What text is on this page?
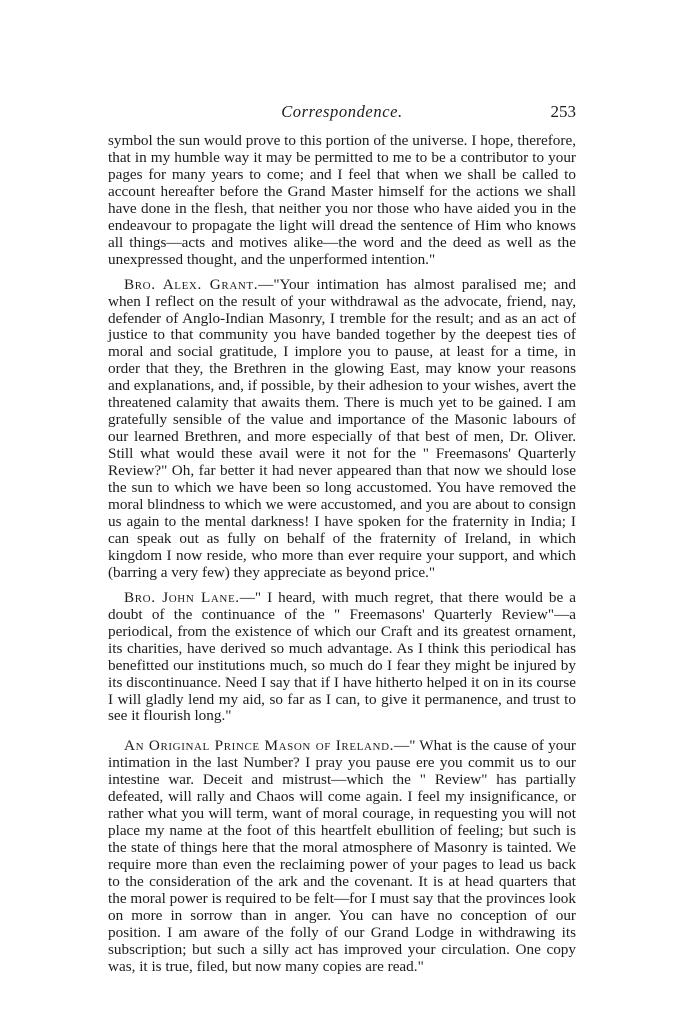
Correspondence.	253

symbol the sun would prove to this portion of the universe. I hope, therefore, that in my humble way it may be permitted to me to be a contributor to your pages for many years to come; and I feel that when we shall be called to account hereafter before the Grand Master himself for the actions we shall have done in the flesh, that neither you nor those who have aided you in the endeavour to propagate the light will dread the sentence of Him who knows all things—acts and motives alike—the word and the deed as well as the unexpressed thought, and the unperformed intention."

Bro. Alex. Grant.—"Your intimation has almost paralised me; and when I reflect on the result of your withdrawal as the advocate, friend, nay, defender of Anglo-Indian Masonry, I tremble for the result; and as an act of justice to that community you have banded together by the deepest ties of moral and social gratitude, I implore you to pause, at least for a time, in order that they, the Brethren in the glowing East, may know your reasons and explanations, and, if possible, by their adhesion to your wishes, avert the threatened calamity that awaits them. There is much yet to be gained. I am gratefully sensible of the value and importance of the Masonic labours of our learned Brethren, and more especially of that best of men, Dr. Oliver. Still what would these avail were it not for the " Freemasons' Quarterly Review?" Oh, far better it had never appeared than that now we should lose the sun to which we have been so long accustomed. You have removed the moral blindness to which we were accustomed, and you are about to consign us again to the mental darkness! I have spoken for the fraternity in India; I can speak out as fully on behalf of the fraternity of Ireland, in which kingdom I now reside, who more than ever require your support, and which (barring a very few) they appreciate as beyond price."

Bro. John Lane.—" I heard, with much regret, that there would be a doubt of the continuance of the " Freemasons' Quarterly Review"—a periodical, from the existence of which our Craft and its greatest ornament, its charities, have derived so much advantage. As I think this periodical has benefitted our institutions much, so much do I fear they might be injured by its discontinuance. Need I say that if I have hitherto helped it on in its course I will gladly lend my aid, so far as I can, to give it permanence, and trust to see it flourish long."

An Original Prince Mason of Ireland.—" What is the cause of your intimation in the last Number? I pray you pause ere you commit us to our intestine war. Deceit and mistrust—which the " Review" has partially defeated, will rally and Chaos will come again. I feel my insignificance, or rather what you will term, want of moral courage, in requesting you will not place my name at the foot of this heartfelt ebullition of feeling; but such is the state of things here that the moral atmosphere of Masonry is tainted. We require more than even the reclaiming power of your pages to lead us back to the consideration of the ark and the covenant. It is at head quarters that the moral power is required to be felt—for I must say that the provinces look on more in sorrow than in anger. You can have no conception of our position. I am aware of the folly of our Grand Lodge in withdrawing its subscription; but such a silly act has improved your circulation. One copy was, it is true, filed, but now many copies are read."
